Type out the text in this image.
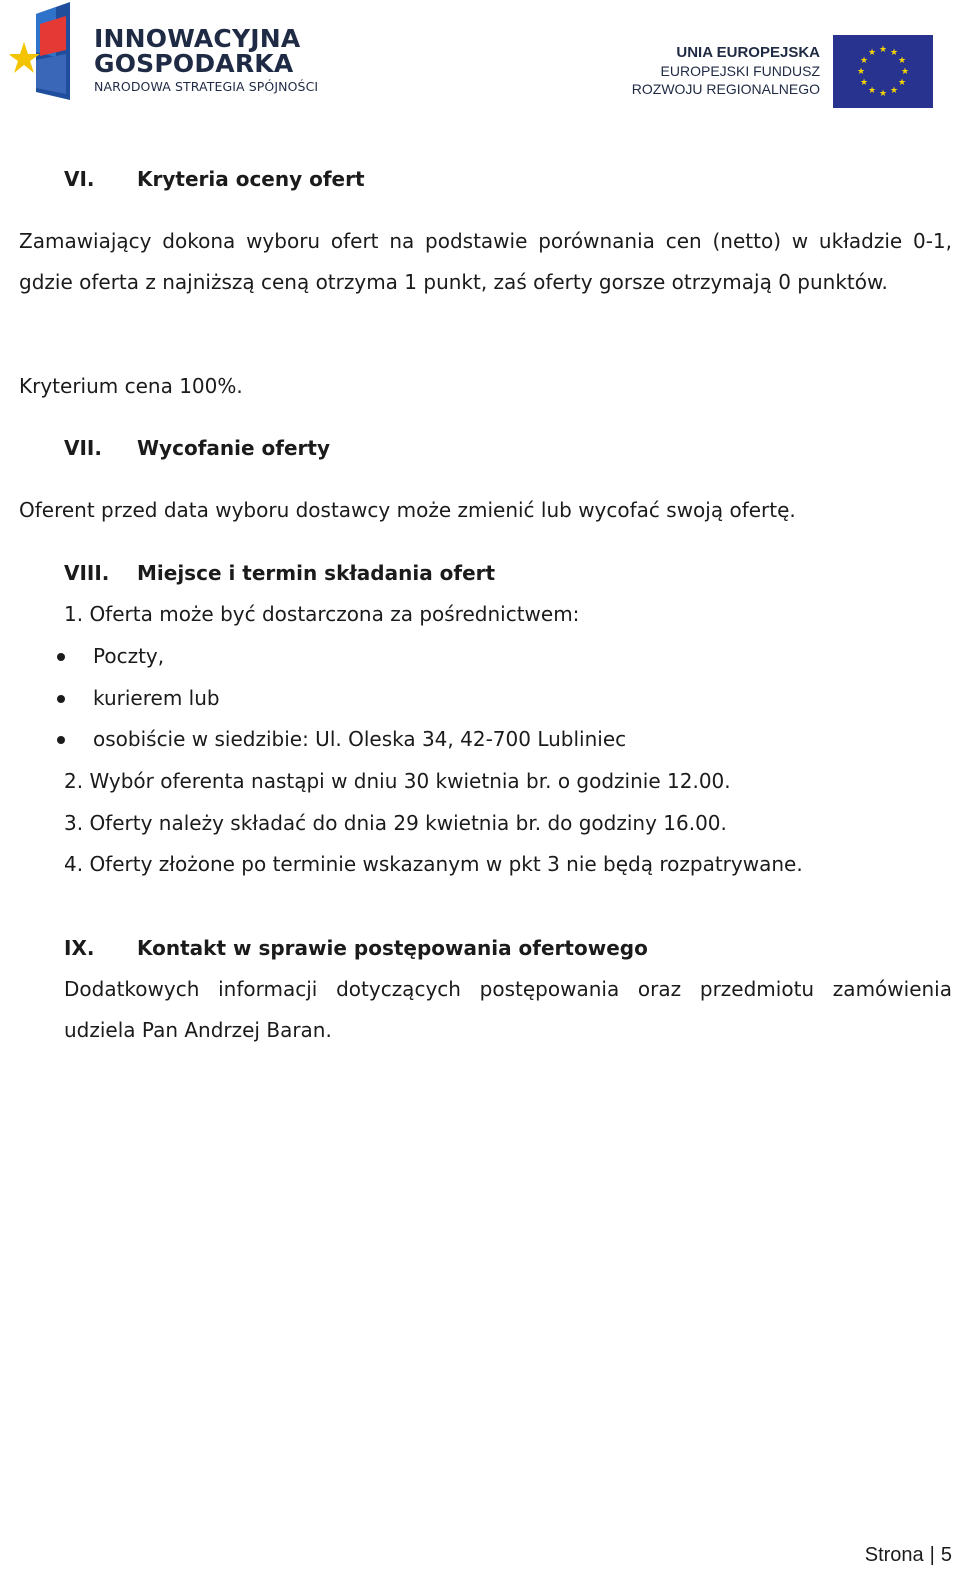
INNOWACYJNA
GOSPODARKA
NARODOWA STRATEGIA SPÓJNOŚCI
UNIA EUROPEJSKA
EUROPEJSKI FUNDUSZ
ROZWOJU REGIONALNEGO
★ ★
★
★
★
★
★
★
★
★
★
★
VI. Kryteria oceny ofert
Zamawiający dokona wyboru ofert na podstawie porównania cen (netto) w układzie 0-1, gdzie oferta z najniższą ceną otrzyma 1 punkt, zaś oferty gorsze otrzymają 0 punktów.
Kryterium cena 100%.
VII. Wycofanie oferty
Oferent przed data wyboru dostawcy może zmienić lub wycofać swoją ofertę.
VIII. Miejsce i termin składania ofert
1. Oferta może być dostarczona za pośrednictwem:
Poczty,
kurierem lub
osobiście w siedzibie: Ul. Oleska 34, 42-700 Lubliniec
2. Wybór oferenta nastąpi w dniu 30 kwietnia br. o godzinie 12.00.
3. Oferty należy składać do dnia 29 kwietnia br. do godziny 16.00.
4. Oferty złożone po terminie wskazanym w pkt 3 nie będą rozpatrywane.
IX. Kontakt w sprawie postępowania ofertowego
Dodatkowych informacji dotyczących postępowania oraz przedmiotu zamówienia udziela Pan Andrzej Baran.
Strona | 5
